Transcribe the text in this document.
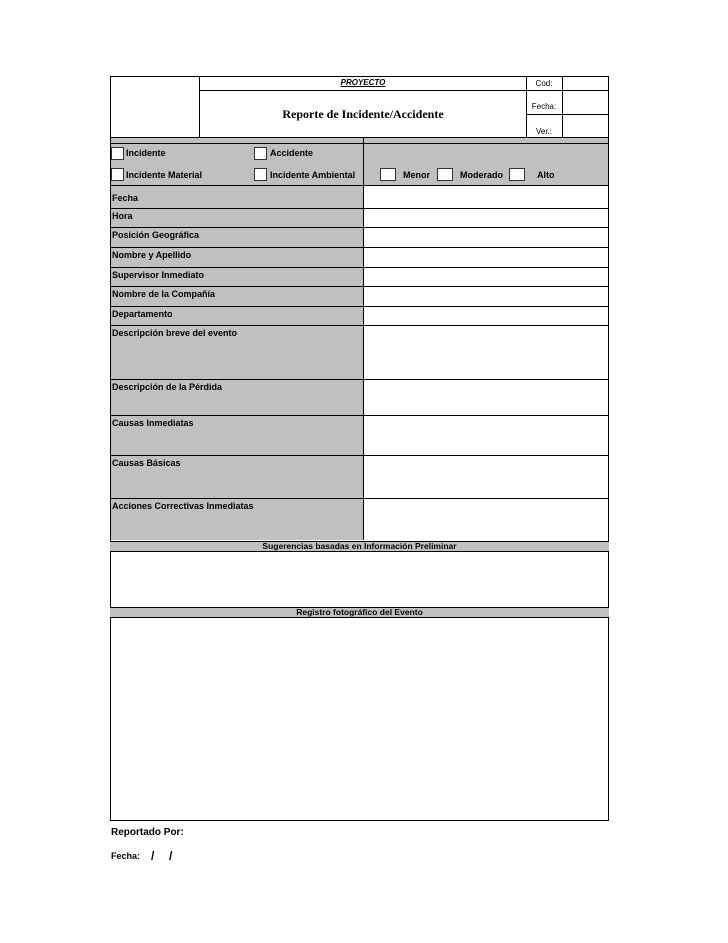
PROYECTO
Reporte de Incidente/Accidente
Cod:
Fecha:
Ver.:
Incidente	Accidente
Incidente Material	Incidente Ambiental	Menor	Moderado	Alto
Fecha
Hora
Posición Geográfica
Nombre y Apellido
Supervisor Inmediato
Nombre de la Compañía
Departamento
Descripción breve del evento
Descripción de la Pérdida
Causas Inmediatas
Causas Básicas
Acciones Correctivas Inmediatas
Sugerencias basadas en Información Preliminar
Registro fotográfico del Evento
Reportado Por:
Fecha: / /
